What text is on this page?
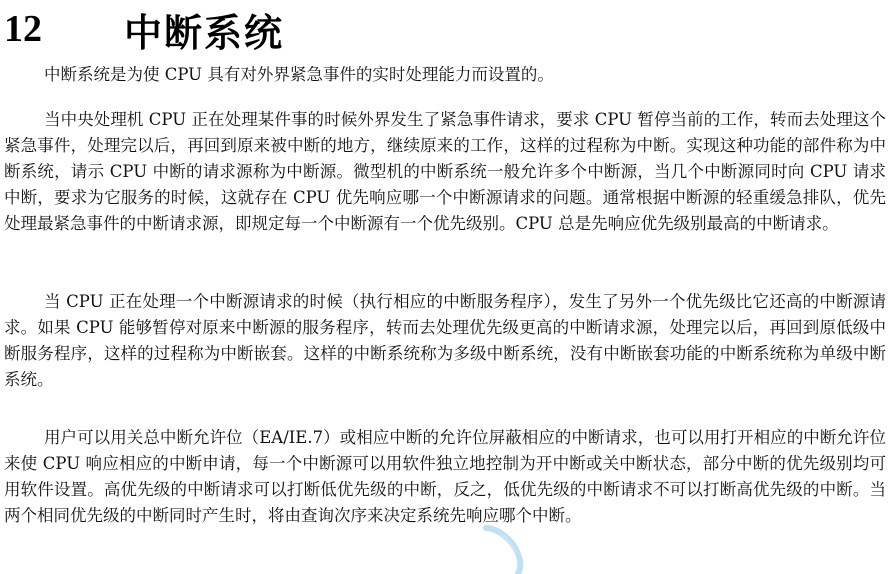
12	中断系统

中断系统是为使 CPU 具有对外界紧急事件的实时处理能力而设置的。

当中央处理机 CPU 正在处理某件事的时候外界发生了紧急事件请求，要求 CPU 暂停当前的工作，转而去处理这个紧急事件，处理完以后，再回到原来被中断的地方，继续原来的工作，这样的过程称为中断。实现这种功能的部件称为中断系统，请示 CPU 中断的请求源称为中断源。微型机的中断系统一般允许多个中断源，当几个中断源同时向 CPU 请求中断，要求为它服务的时候，这就存在 CPU 优先响应哪一个中断源请求的问题。通常根据中断源的轻重缓急排队，优先处理最紧急事件的中断请求源，即规定每一个中断源有一个优先级别。CPU 总是先响应优先级别最高的中断请求。

当 CPU 正在处理一个中断源请求的时候（执行相应的中断服务程序），发生了另外一个优先级比它还高的中断源请求。如果 CPU 能够暂停对原来中断源的服务程序，转而去处理优先级更高的中断请求源，处理完以后，再回到原低级中断服务程序，这样的过程称为中断嵌套。这样的中断系统称为多级中断系统，没有中断嵌套功能的中断系统称为单级中断系统。

用户可以用关总中断允许位（EA/IE.7）或相应中断的允许位屏蔽相应的中断请求，也可以用打开相应的中断允许位来使 CPU 响应相应的中断申请，每一个中断源可以用软件独立地控制为开中断或关中断状态，部分中断的优先级别均可用软件设置。高优先级的中断请求可以打断低优先级的中断，反之，低优先级的中断请求不可以打断高优先级的中断。当两个相同优先级的中断同时产生时，将由查询次序来决定系统先响应哪个中断。
